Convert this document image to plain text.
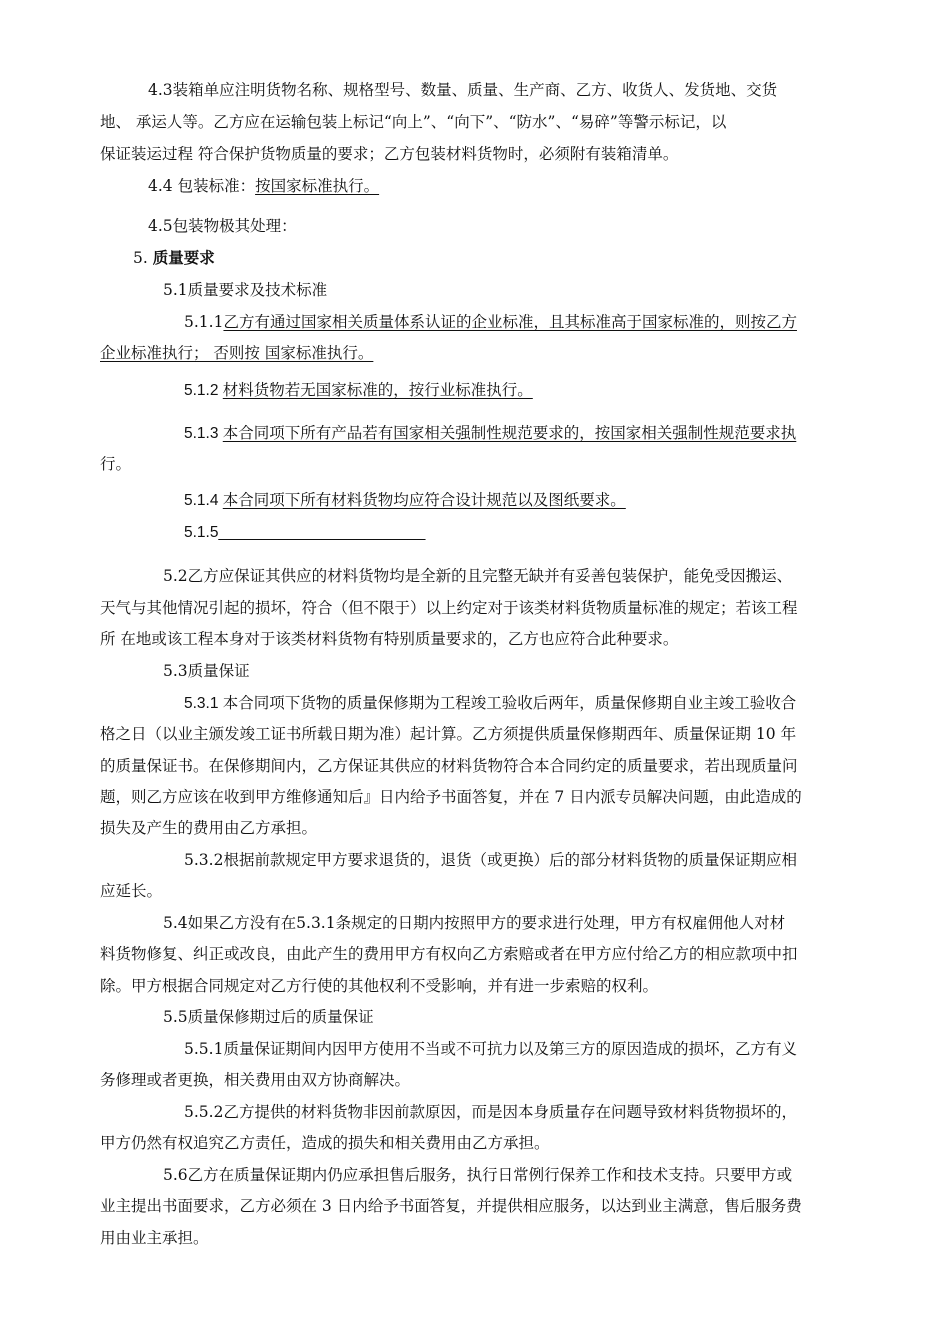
4.3装箱单应注明货物名称、规格型号、数量、质量、生产商、乙方、收货人、发货地、交货
地、 承运人等。乙方应在运输包装上标记“向上”、“向下”、“防水”、“易碎”等警示标记，以
保证装运过程 符合保护货物质量的要求；乙方包装材料货物时，必须附有装箱清单。
4.4 包装标准：按国家标准执行。
4.5包装物极其处理：
5. 质量要求
5.1质量要求及技术标准
5.1.1乙方有通过国家相关质量体系认证的企业标准，且其标准高于国家标准的，则按乙方
企业标准执行； 否则按 国家标准执行。
5.1.2 材料货物若无国家标准的，按行业标准执行。
5.1.3 本合同项下所有产品若有国家相关强制性规范要求的，按国家相关强制性规范要求执
行。
5.1.4 本合同项下所有材料货物均应符合设计规范以及图纸要求。
5.1.5________________________
5.2乙方应保证其供应的材料货物均是全新的且完整无缺并有妥善包装保护，能免受因搬运、
天气与其他情况引起的损坏，符合（但不限于）以上约定对于该类材料货物质量标准的规定；若该工程
所 在地或该工程本身对于该类材料货物有特别质量要求的，乙方也应符合此种要求。
5.3质量保证
5.3.1 本合同项下货物的质量保修期为工程竣工验收后两年，质量保修期自业主竣工验收合
格之日（以业主颁发竣工证书所载日期为准）起计算。乙方须提供质量保修期西年、质量保证期 10 年
的质量保证书。在保修期间内，乙方保证其供应的材料货物符合本合同约定的质量要求，若出现质量问
题，则乙方应该在收到甲方维修通知后』日内给予书面答复，并在 7 日内派专员解决问题，由此造成的
损失及产生的费用由乙方承担。
5.3.2根据前款规定甲方要求退货的，退货（或更换）后的部分材料货物的质量保证期应相
应延长。
5.4如果乙方没有在5.3.1条规定的日期内按照甲方的要求进行处理，甲方有权雇佣他人对材
料货物修复、纠正或改良，由此产生的费用甲方有权向乙方索赔或者在甲方应付给乙方的相应款项中扣
除。甲方根据合同规定对乙方行使的其他权利不受影响，并有进一步索赔的权利。
5.5质量保修期过后的质量保证
5.5.1质量保证期间内因甲方使用不当或不可抗力以及第三方的原因造成的损坏，乙方有义
务修理或者更换，相关费用由双方协商解决。
5.5.2乙方提供的材料货物非因前款原因，而是因本身质量存在问题导致材料货物损坏的，
甲方仍然有权追究乙方责任，造成的损失和相关费用由乙方承担。
5.6乙方在质量保证期内仍应承担售后服务，执行日常例行保养工作和技术支持。只要甲方或
业主提出书面要求，乙方必须在 3 日内给予书面答复，并提供相应服务，以达到业主满意，售后服务费
用由业主承担。
